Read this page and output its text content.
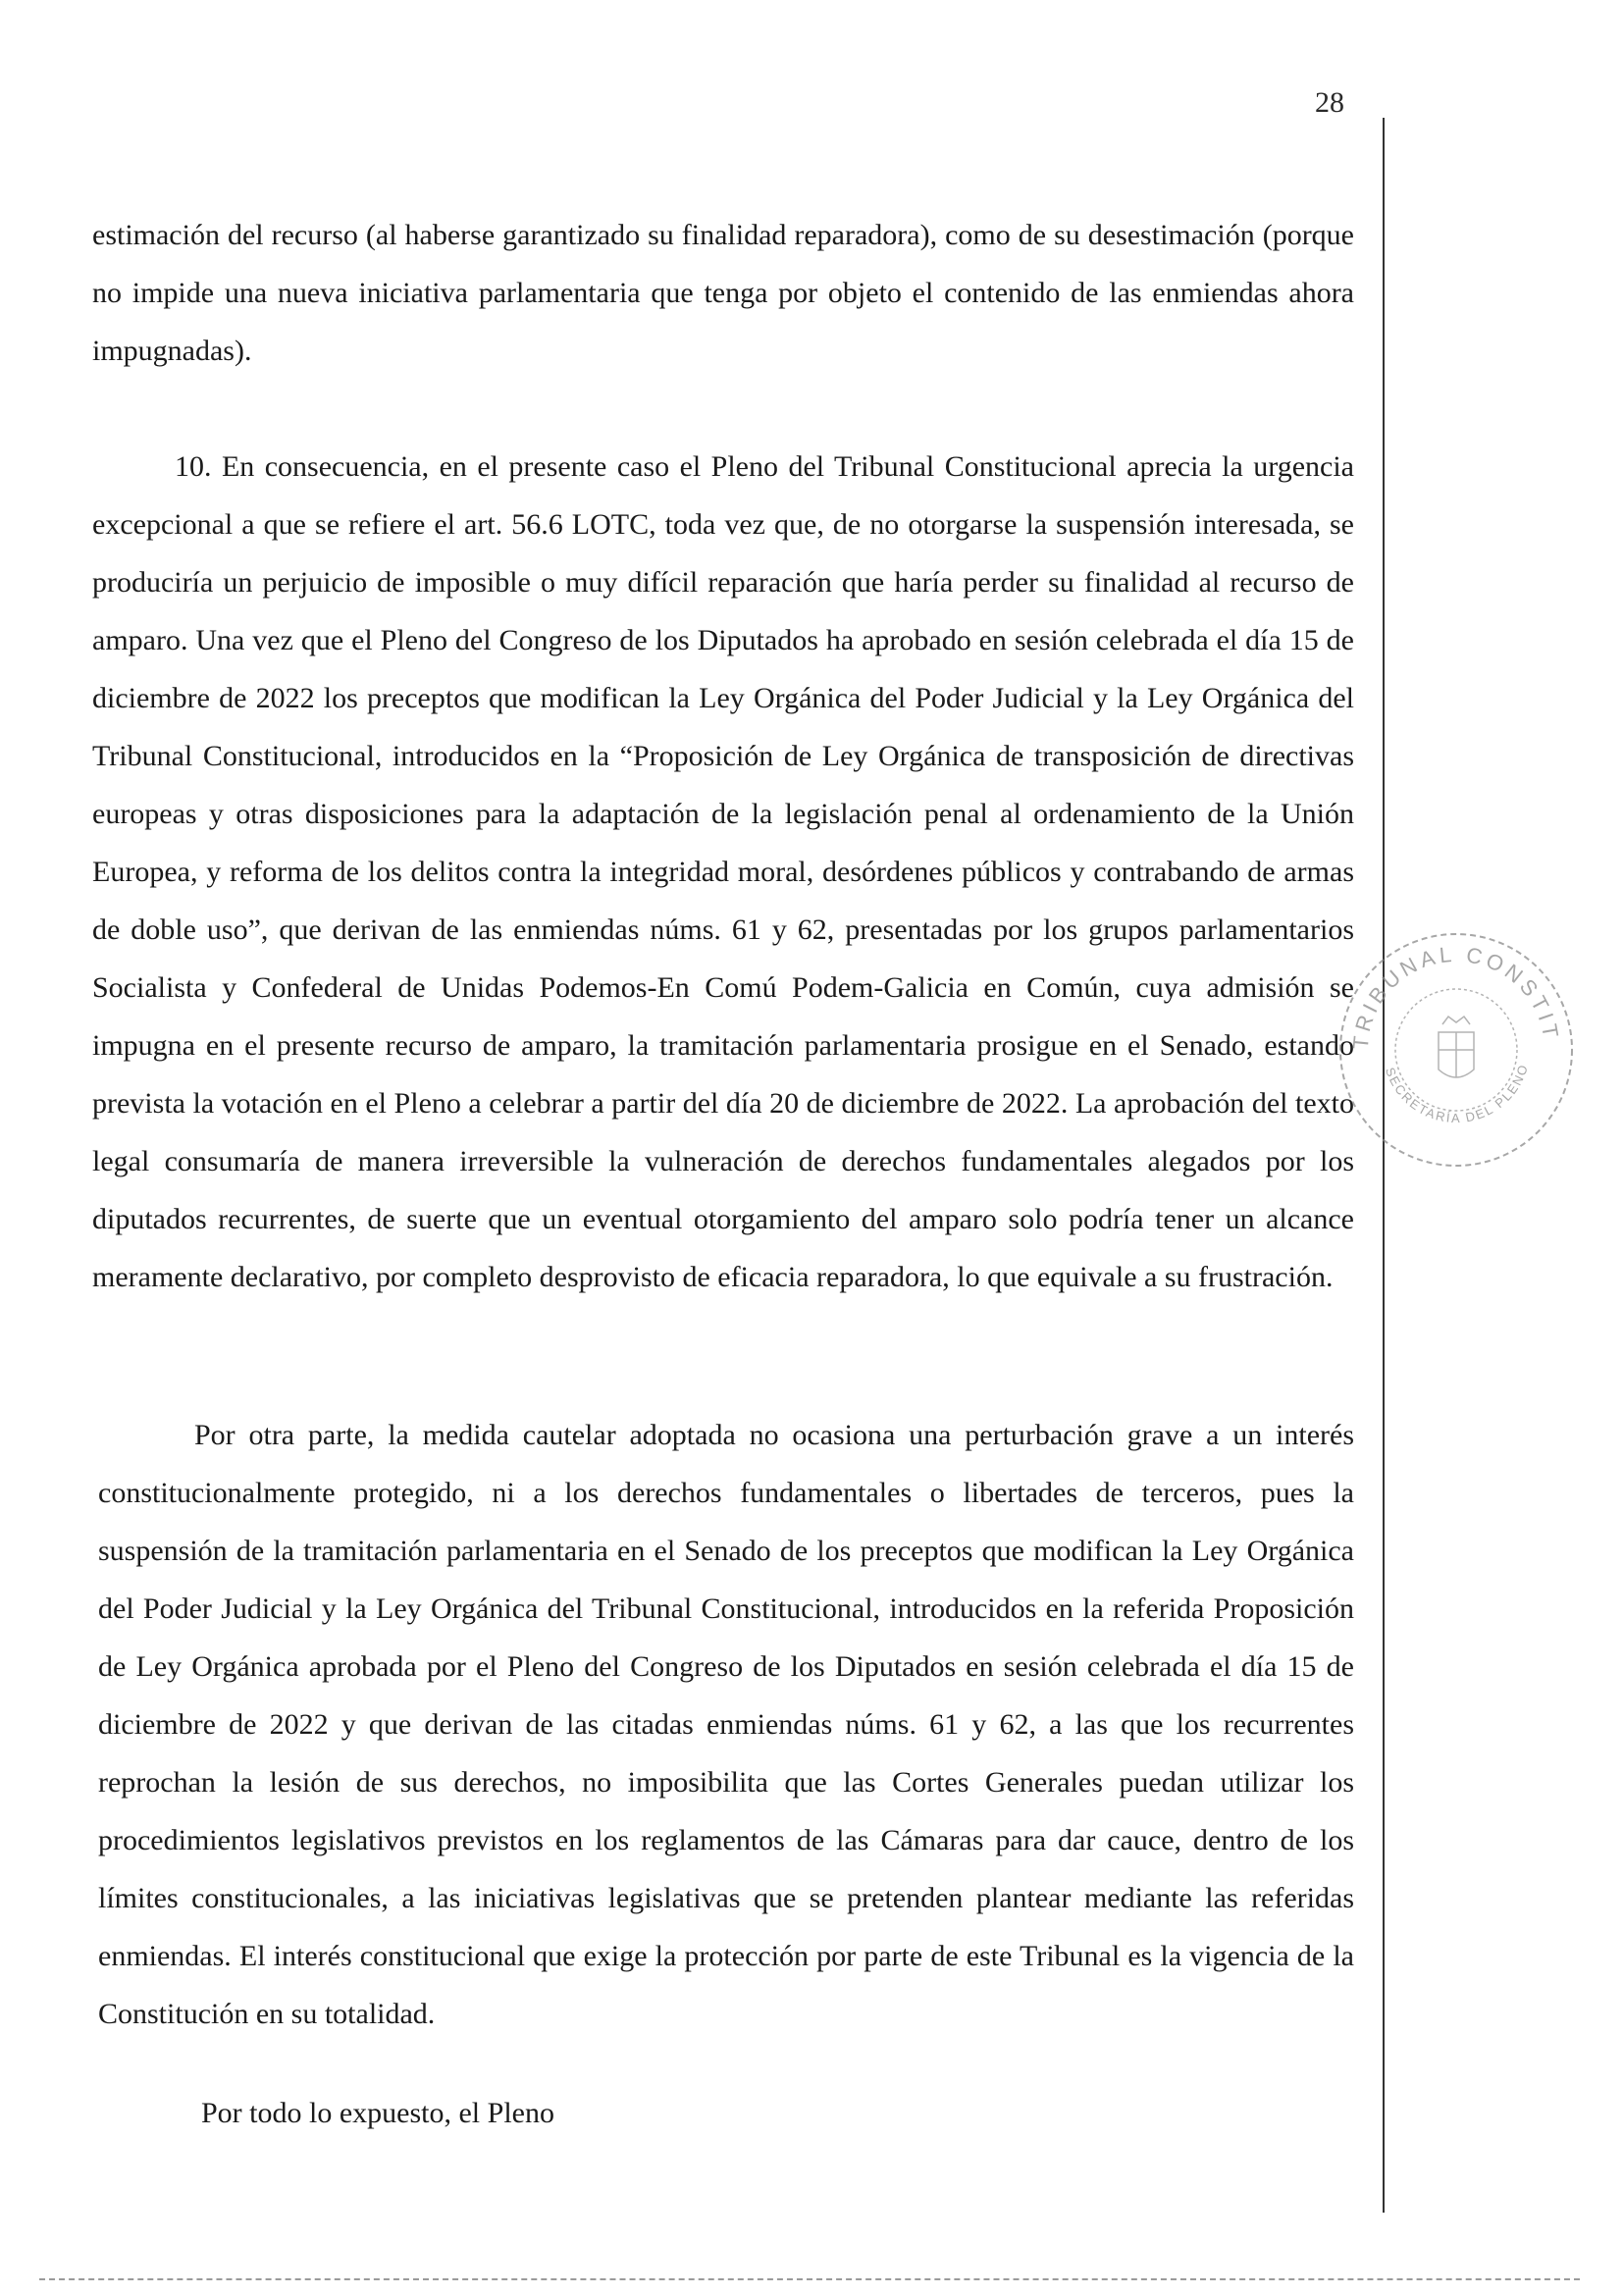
28
estimación del recurso (al haberse garantizado su finalidad reparadora), como de su desestimación (porque no impide una nueva iniciativa parlamentaria que tenga por objeto el contenido de las enmiendas ahora impugnadas).
10. En consecuencia, en el presente caso el Pleno del Tribunal Constitucional aprecia la urgencia excepcional a que se refiere el art. 56.6 LOTC, toda vez que, de no otorgarse la suspensión interesada, se produciría un perjuicio de imposible o muy difícil reparación que haría perder su finalidad al recurso de amparo. Una vez que el Pleno del Congreso de los Diputados ha aprobado en sesión celebrada el día 15 de diciembre de 2022 los preceptos que modifican la Ley Orgánica del Poder Judicial y la Ley Orgánica del Tribunal Constitucional, introducidos en la “Proposición de Ley Orgánica de transposición de directivas europeas y otras disposiciones para la adaptación de la legislación penal al ordenamiento de la Unión Europea, y reforma de los delitos contra la integridad moral, desórdenes públicos y contrabando de armas de doble uso”, que derivan de las enmiendas núms. 61 y 62, presentadas por los grupos parlamentarios Socialista y Confederal de Unidas Podemos-En Comú Podem-Galicia en Común, cuya admisión se impugna en el presente recurso de amparo, la tramitación parlamentaria prosigue en el Senado, estando prevista la votación en el Pleno a celebrar a partir del día 20 de diciembre de 2022. La aprobación del texto legal consumaría de manera irreversible la vulneración de derechos fundamentales alegados por los diputados recurrentes, de suerte que un eventual otorgamiento del amparo solo podría tener un alcance meramente declarativo, por completo desprovisto de eficacia reparadora, lo que equivale a su frustración.
Por otra parte, la medida cautelar adoptada no ocasiona una perturbación grave a un interés constitucionalmente protegido, ni a los derechos fundamentales o libertades de terceros, pues la suspensión de la tramitación parlamentaria en el Senado de los preceptos que modifican la Ley Orgánica del Poder Judicial y la Ley Orgánica del Tribunal Constitucional, introducidos en la referida Proposición de Ley Orgánica aprobada por el Pleno del Congreso de los Diputados en sesión celebrada el día 15 de diciembre de 2022 y que derivan de las citadas enmiendas núms. 61 y 62, a las que los recurrentes reprochan la lesión de sus derechos, no imposibilita que las Cortes Generales puedan utilizar los procedimientos legislativos previstos en los reglamentos de las Cámaras para dar cauce, dentro de los límites constitucionales, a las iniciativas legislativas que se pretenden plantear mediante las referidas enmiendas. El interés constitucional que exige la protección por parte de este Tribunal es la vigencia de la Constitución en su totalidad.
Por todo lo expuesto, el Pleno
TRIBUNAL CONSTIT
SECRETARÍA DEL PLENO
